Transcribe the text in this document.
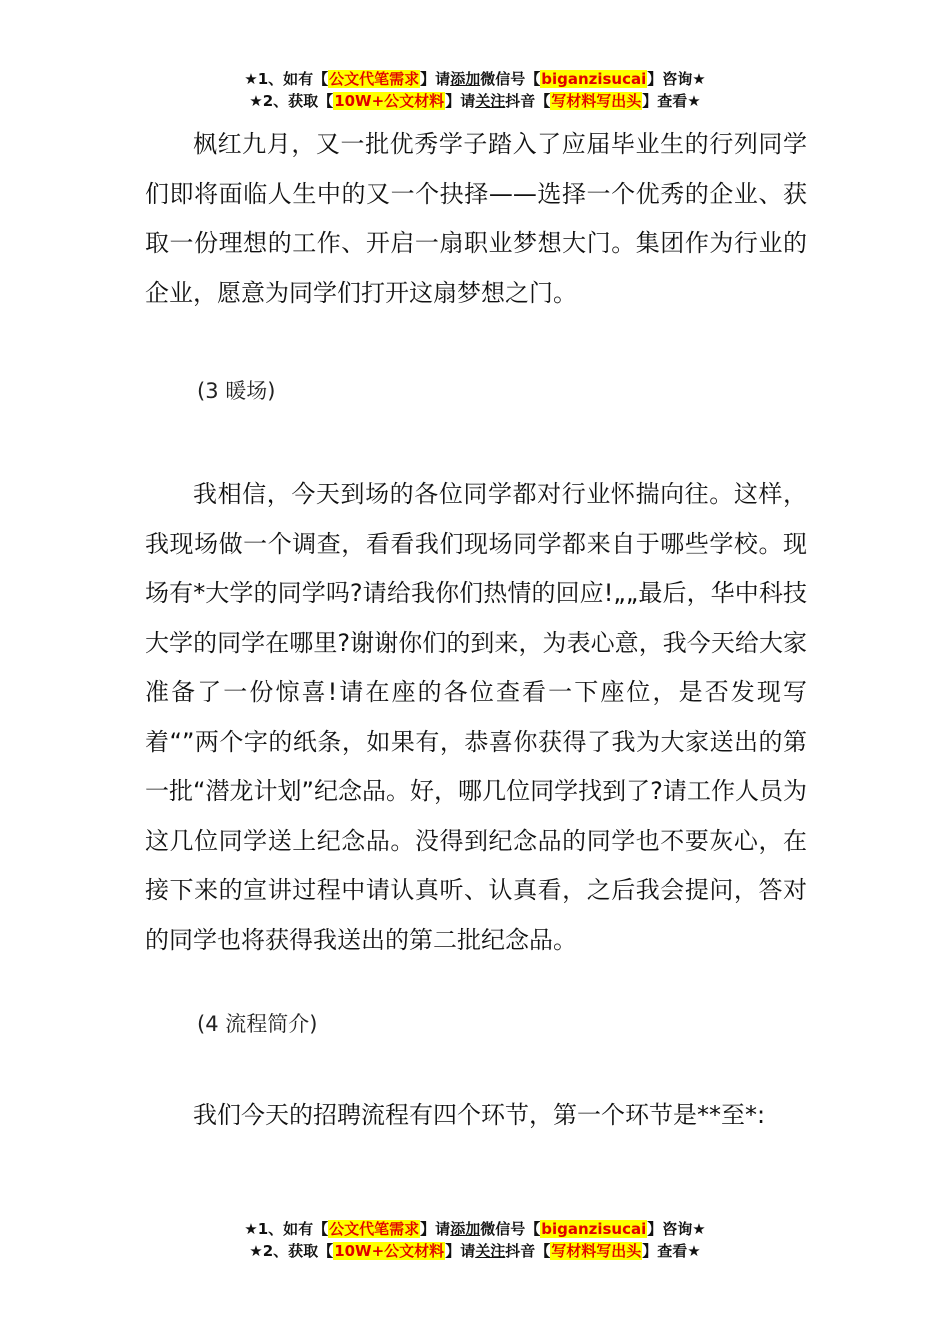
★1、如有【公文代笔需求】请添加微信号【biganzisucai】咨询★
★2、获取【10W+公文材料】请关注抖音【写材料写出头】查看★

枫红九月，又一批优秀学子踏入了应届毕业生的行列同学们即将面临人生中的又一个抉择——选择一个优秀的企业、获取一份理想的工作、开启一扇职业梦想大门。集团作为行业的企业，愿意为同学们打开这扇梦想之门。

(3 暖场)

我相信，今天到场的各位同学都对行业怀揣向往。这样，我现场做一个调查，看看我们现场同学都来自于哪些学校。现场有*大学的同学吗?请给我你们热情的回应!„„最后，华中科技大学的同学在哪里?谢谢你们的到来，为表心意，我今天给大家准备了一份惊喜!请在座的各位查看一下座位，是否发现写着“”两个字的纸条，如果有，恭喜你获得了我为大家送出的第一批“潜龙计划”纪念品。好，哪几位同学找到了?请工作人员为这几位同学送上纪念品。没得到纪念品的同学也不要灰心，在接下来的宣讲过程中请认真听、认真看，之后我会提问，答对的同学也将获得我送出的第二批纪念品。

(4 流程简介)

我们今天的招聘流程有四个环节，第一个环节是**至*:

★1、如有【公文代笔需求】请添加微信号【biganzisucai】咨询★
★2、获取【10W+公文材料】请关注抖音【写材料写出头】查看★
